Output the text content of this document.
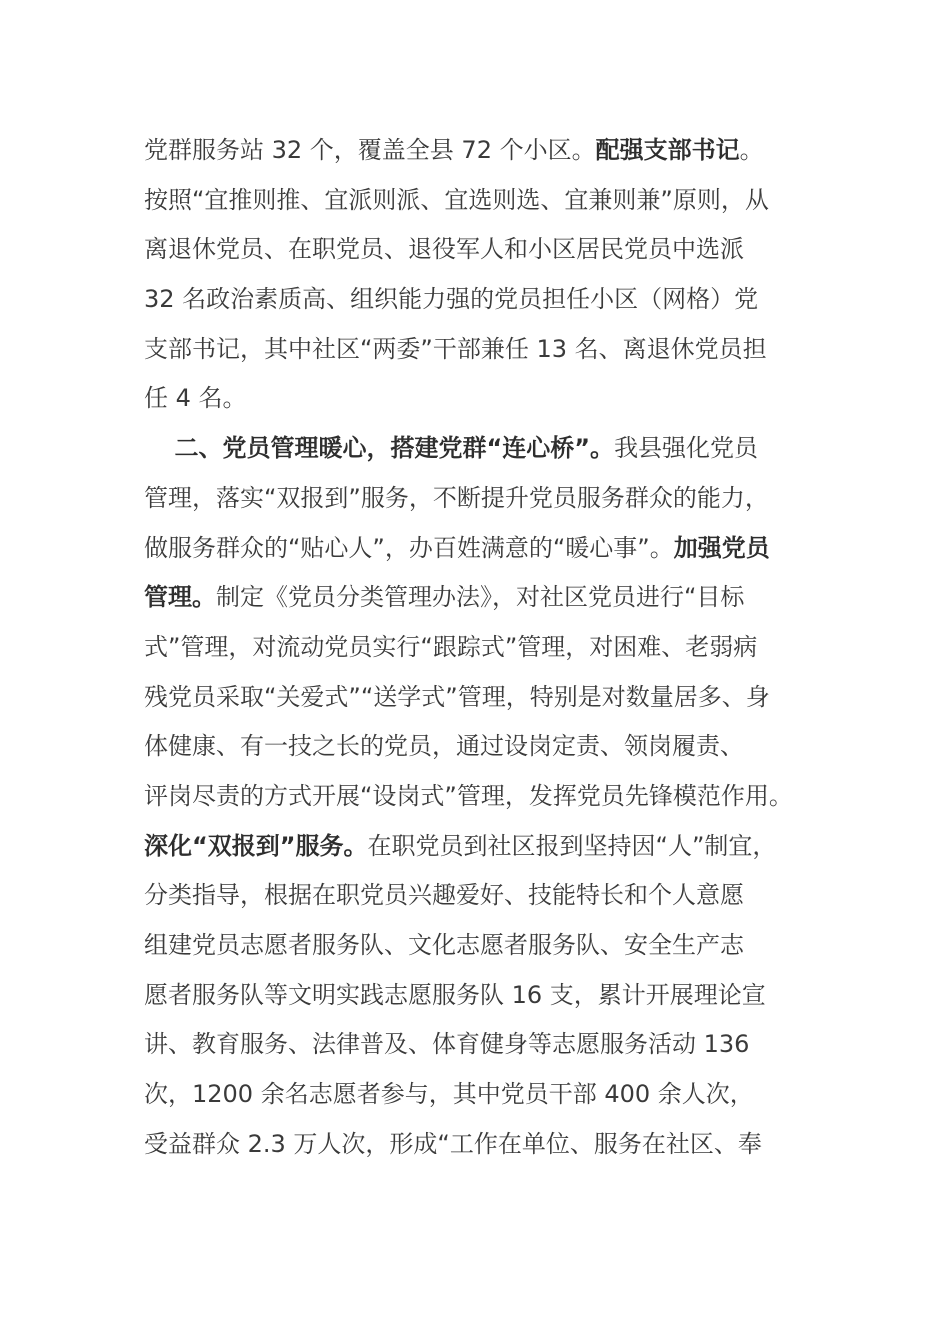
党群服务站 32 个，覆盖全县 72 个小区。配强支部书记。
按照“宜推则推、宜派则派、宜选则选、宜兼则兼”原则，从
离退休党员、在职党员、退役军人和小区居民党员中选派
32 名政治素质高、组织能力强的党员担任小区（网格）党
支部书记，其中社区“两委”干部兼任 13 名、离退休党员担
任 4 名。
二、党员管理暖心，搭建党群“连心桥”。我县强化党员
管理，落实“双报到”服务，不断提升党员服务群众的能力，
做服务群众的“贴心人”，办百姓满意的“暖心事”。加强党员
管理。制定《党员分类管理办法》，对社区党员进行“目标
式”管理，对流动党员实行“跟踪式”管理，对困难、老弱病
残党员采取“关爱式”“送学式”管理，特别是对数量居多、身
体健康、有一技之长的党员，通过设岗定责、领岗履责、
评岗尽责的方式开展“设岗式”管理，发挥党员先锋模范作用。
深化“双报到”服务。在职党员到社区报到坚持因“人”制宜，
分类指导，根据在职党员兴趣爱好、技能特长和个人意愿
组建党员志愿者服务队、文化志愿者服务队、安全生产志
愿者服务队等文明实践志愿服务队 16 支，累计开展理论宣
讲、教育服务、法律普及、体育健身等志愿服务活动 136
次，1200 余名志愿者参与，其中党员干部 400 余人次，
受益群众 2.3 万人次，形成“工作在单位、服务在社区、奉
